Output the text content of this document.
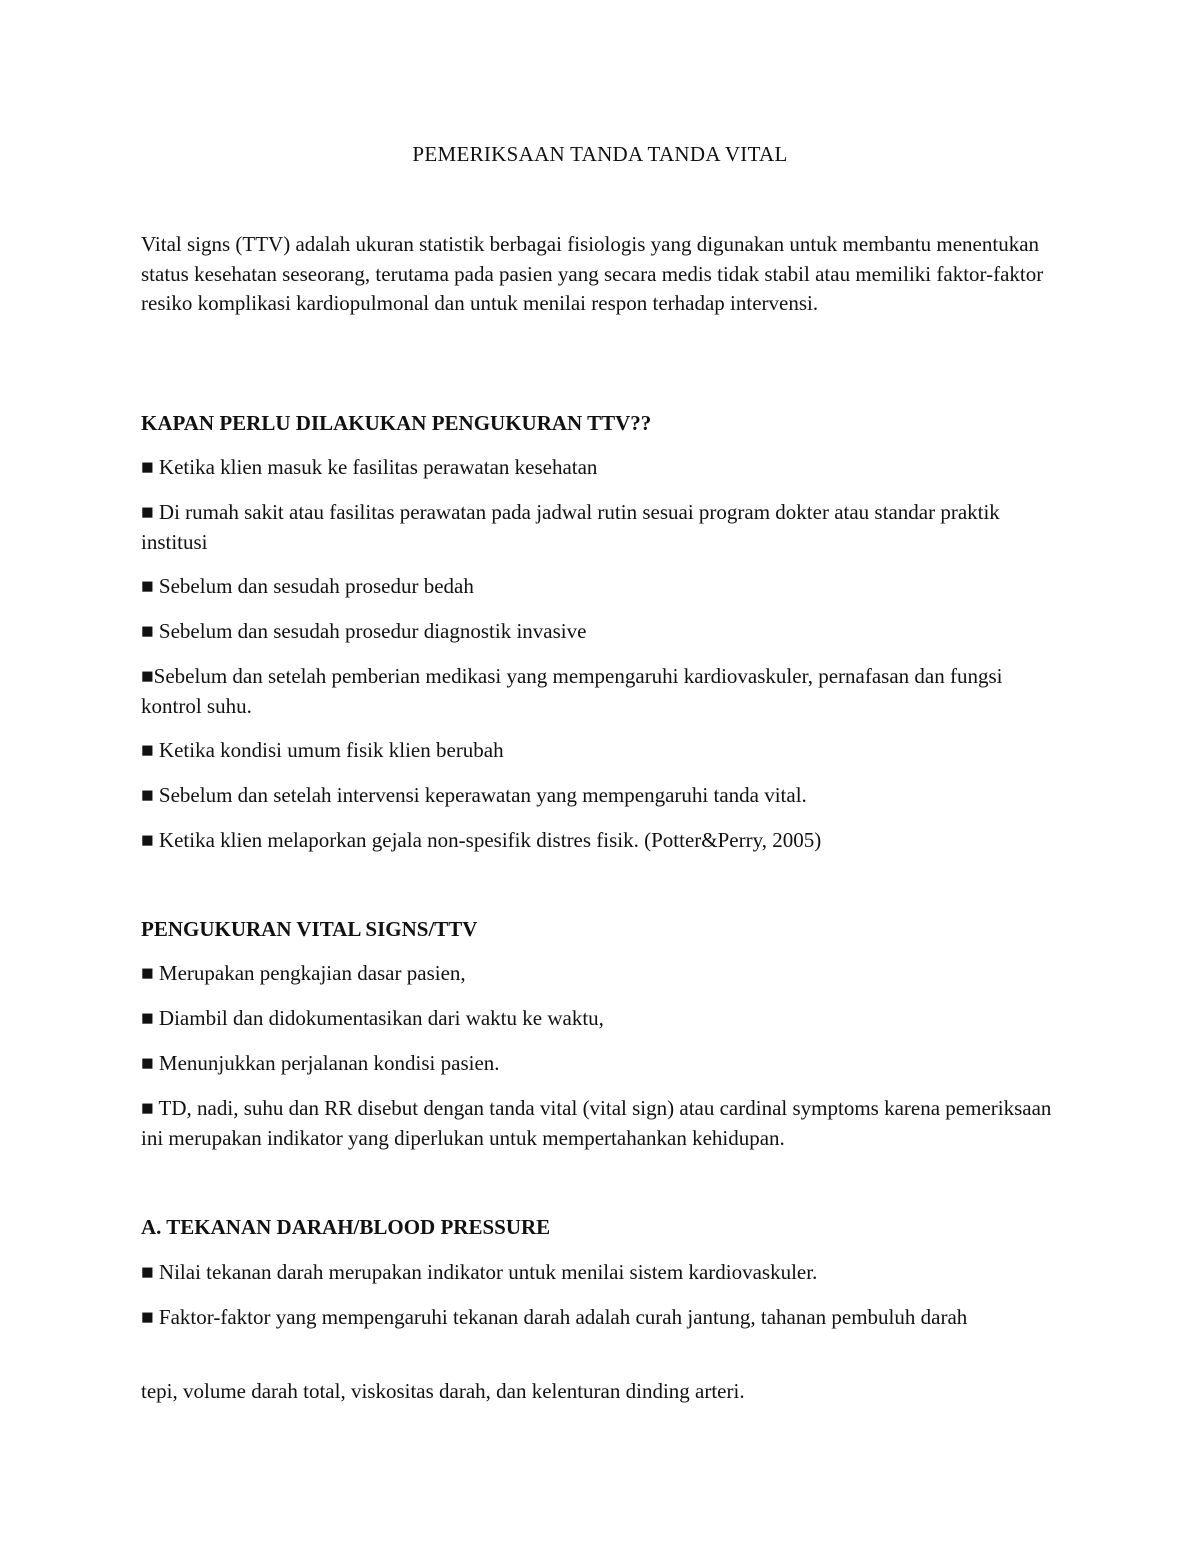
PEMERIKSAAN TANDA TANDA VITAL

Vital signs (TTV) adalah ukuran statistik berbagai fisiologis yang digunakan untuk membantu menentukan status kesehatan seseorang, terutama pada pasien yang secara medis tidak stabil atau memiliki faktor-faktor resiko komplikasi kardiopulmonal dan untuk menilai respon terhadap intervensi.

KAPAN PERLU DILAKUKAN PENGUKURAN TTV??

■ Ketika klien masuk ke fasilitas perawatan kesehatan

■ Di rumah sakit atau fasilitas perawatan pada jadwal rutin sesuai program dokter atau standar praktik institusi

■ Sebelum dan sesudah prosedur bedah

■ Sebelum dan sesudah prosedur diagnostik invasive

■Sebelum dan setelah pemberian medikasi yang mempengaruhi kardiovaskuler, pernafasan dan fungsi kontrol suhu.

■ Ketika kondisi umum fisik klien berubah

■ Sebelum dan setelah intervensi keperawatan yang mempengaruhi tanda vital.

■ Ketika klien melaporkan gejala non-spesifik distres fisik. (Potter&Perry, 2005)

PENGUKURAN VITAL SIGNS/TTV

■ Merupakan pengkajian dasar pasien,

■ Diambil dan didokumentasikan dari waktu ke waktu,

■ Menunjukkan perjalanan kondisi pasien.

■ TD, nadi, suhu dan RR disebut dengan tanda vital (vital sign) atau cardinal symptoms karena pemeriksaan ini merupakan indikator yang diperlukan untuk mempertahankan kehidupan.

A. TEKANAN DARAH/BLOOD PRESSURE

■ Nilai tekanan darah merupakan indikator untuk menilai sistem kardiovaskuler.

■ Faktor-faktor yang mempengaruhi tekanan darah adalah curah jantung, tahanan pembuluh darah

tepi, volume darah total, viskositas darah, dan kelenturan dinding arteri.
